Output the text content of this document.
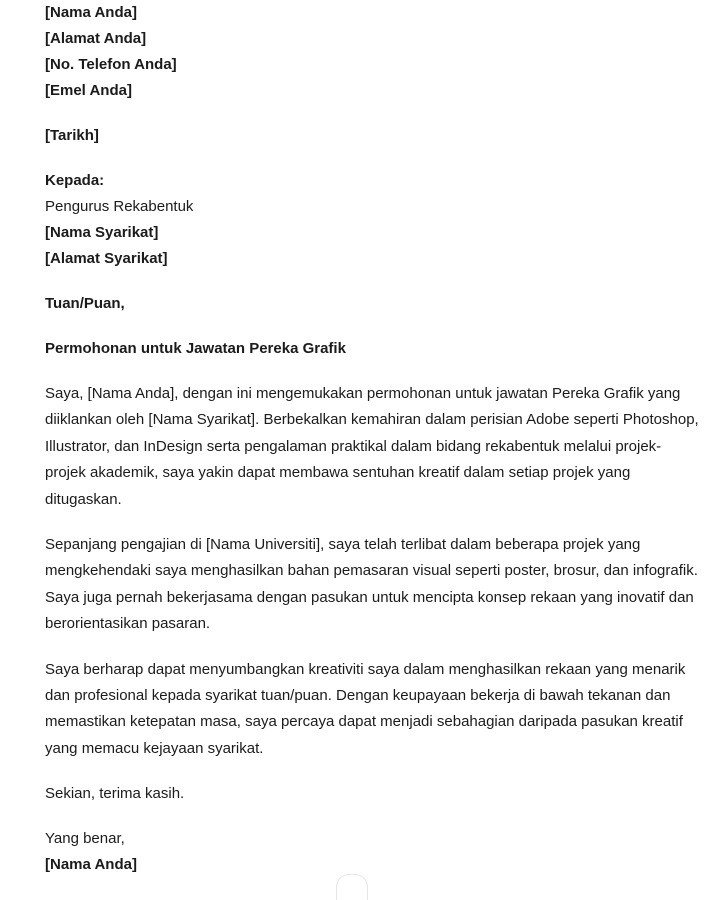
[Nama Anda]

[Alamat Anda]

[No. Telefon Anda]

[Emel Anda]

[Tarikh]

Kepada:

Pengurus Rekabentuk

[Nama Syarikat]

[Alamat Syarikat]

Tuan/Puan,

Permohonan untuk Jawatan Pereka Grafik

Saya, [Nama Anda], dengan ini mengemukakan permohonan untuk jawatan Pereka Grafik yang diiklankan oleh [Nama Syarikat]. Berbekalkan kemahiran dalam perisian Adobe seperti Photoshop, Illustrator, dan InDesign serta pengalaman praktikal dalam bidang rekabentuk melalui projek-projek akademik, saya yakin dapat membawa sentuhan kreatif dalam setiap projek yang ditugaskan.

Sepanjang pengajian di [Nama Universiti], saya telah terlibat dalam beberapa projek yang mengkehendaki saya menghasilkan bahan pemasaran visual seperti poster, brosur, dan infografik. Saya juga pernah bekerjasama dengan pasukan untuk mencipta konsep rekaan yang inovatif dan berorientasikan pasaran.

Saya berharap dapat menyumbangkan kreativiti saya dalam menghasilkan rekaan yang menarik dan profesional kepada syarikat tuan/puan. Dengan keupayaan bekerja di bawah tekanan dan memastikan ketepatan masa, saya percaya dapat menjadi sebahagian daripada pasukan kreatif yang memacu kejayaan syarikat.

Sekian, terima kasih.

Yang benar,

[Nama Anda]
